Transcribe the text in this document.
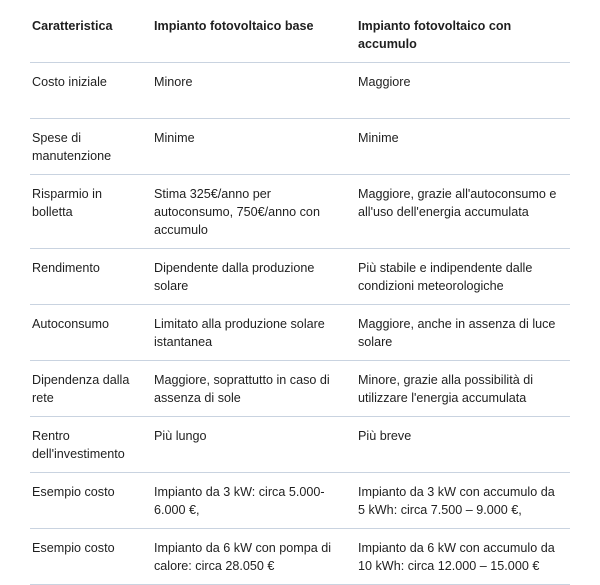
Caratteristica	Impianto fotovoltaico base	Impianto fotovoltaico con accumulo
Costo iniziale	Minore	Maggiore
Spese di manutenzione	Minime	Minime
Risparmio in bolletta	Stima 325€/anno per autoconsumo, 750€/anno con accumulo	Maggiore, grazie all'autoconsumo e all'uso dell'energia accumulata
Rendimento	Dipendente dalla produzione solare	Più stabile e indipendente dalle condizioni meteorologiche
Autoconsumo	Limitato alla produzione solare istantanea	Maggiore, anche in assenza di luce solare
Dipendenza dalla rete	Maggiore, soprattutto in caso di assenza di sole	Minore, grazie alla possibilità di utilizzare l'energia accumulata
Rentro dell'investimento	Più lungo	Più breve
Esempio costo	Impianto da 3 kW: circa 5.000-6.000 €,	Impianto da 3 kW con accumulo da 5 kWh: circa 7.500 – 9.000 €,
Esempio costo	Impianto da 6 kW con pompa di calore: circa 28.050 €	Impianto da 6 kW con accumulo da 10 kWh: circa 12.000 – 15.000 €
